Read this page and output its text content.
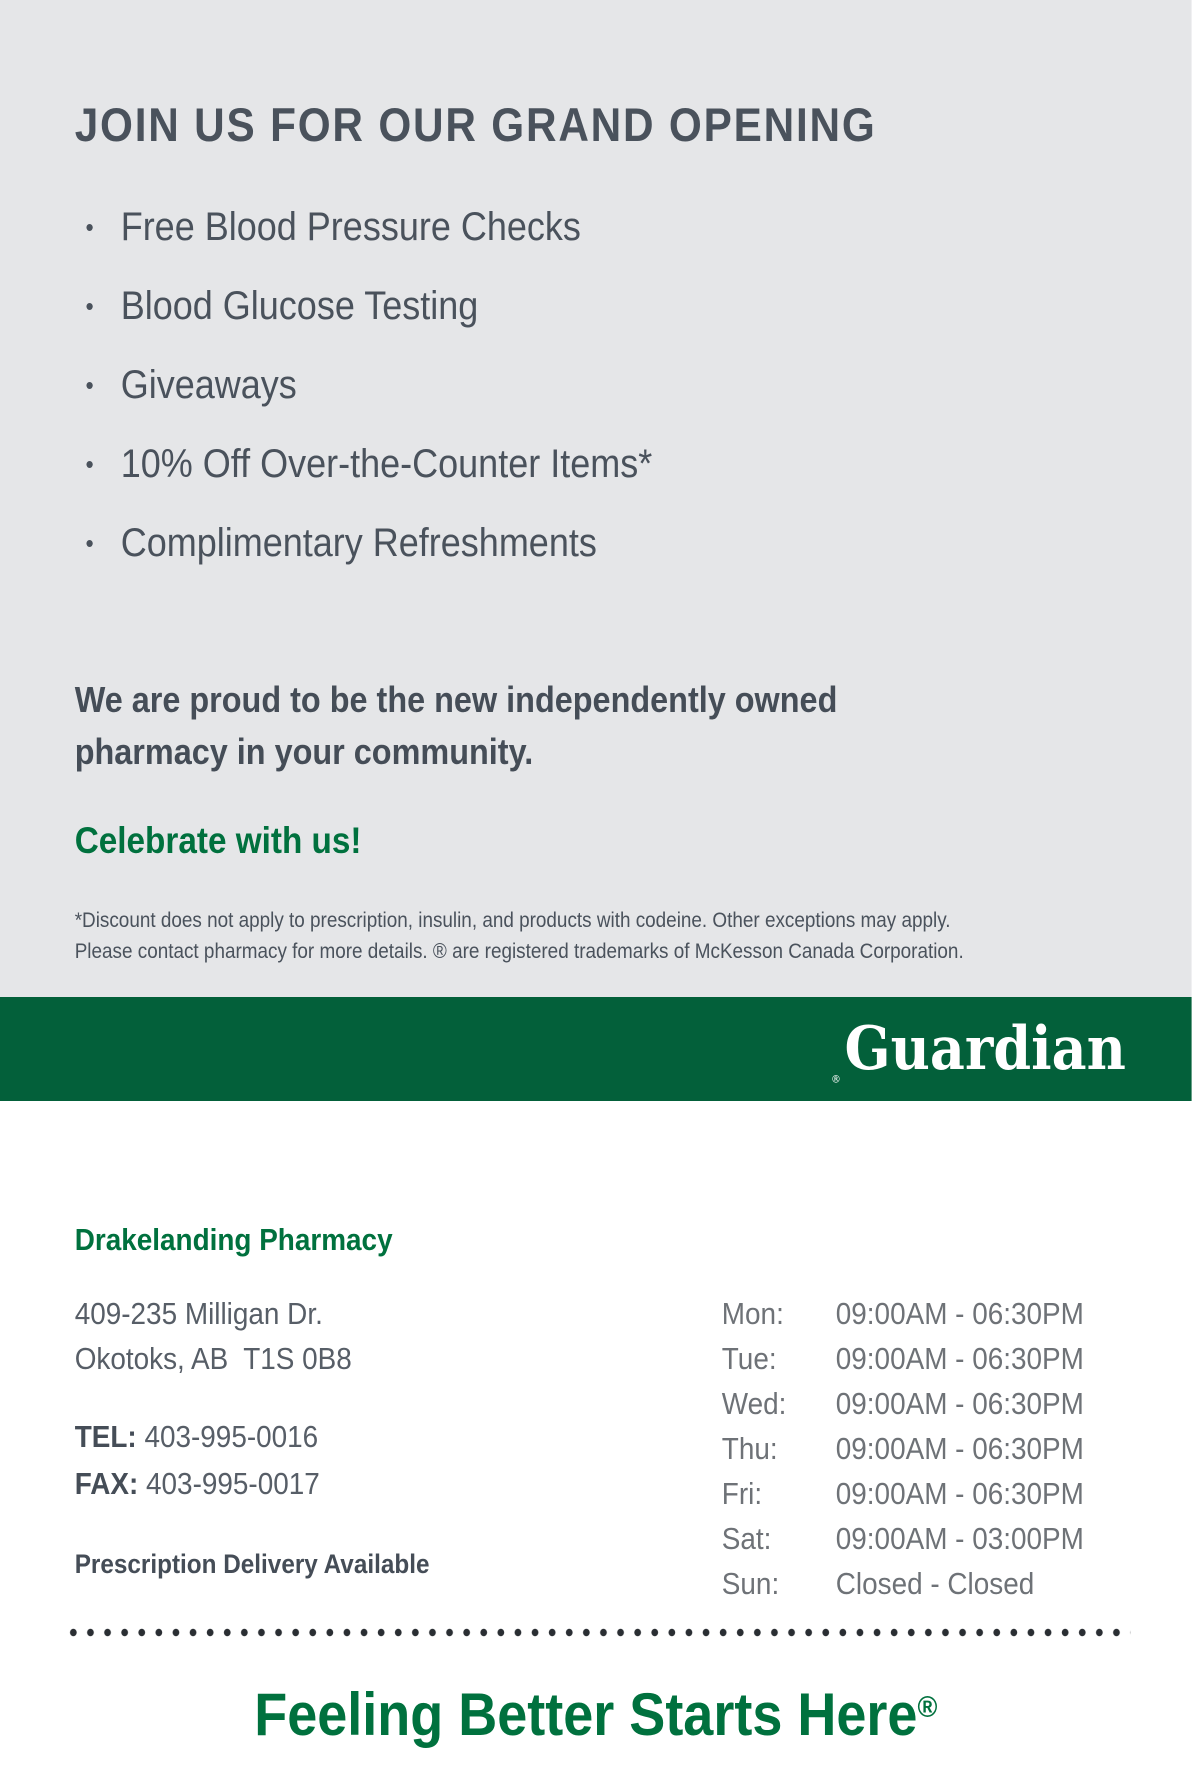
JOIN US FOR OUR GRAND OPENING
• Free Blood Pressure Checks
• Blood Glucose Testing
• Giveaways
• 10% Off Over-the-Counter Items*
• Complimentary Refreshments

We are proud to be the new independently owned
pharmacy in your community.

Celebrate with us!

*Discount does not apply to prescription, insulin, and products with codeine. Other exceptions may apply.
Please contact pharmacy for more details. ® are registered trademarks of McKesson Canada Corporation.

Guardian
®
Drakelanding Pharmacy
409-235 Milligan Dr.
Okotoks, AB  T1S 0B8
TEL: 403-995-0016
FAX: 403-995-0017
Prescription Delivery Available
Mon: 09:00AM - 06:30PM
Tue: 09:00AM - 06:30PM
Wed: 09:00AM - 06:30PM
Thu: 09:00AM - 06:30PM
Fri: 09:00AM - 06:30PM
Sat: 09:00AM - 03:00PM
Sun: Closed - Closed
Feeling Better Starts Here®
